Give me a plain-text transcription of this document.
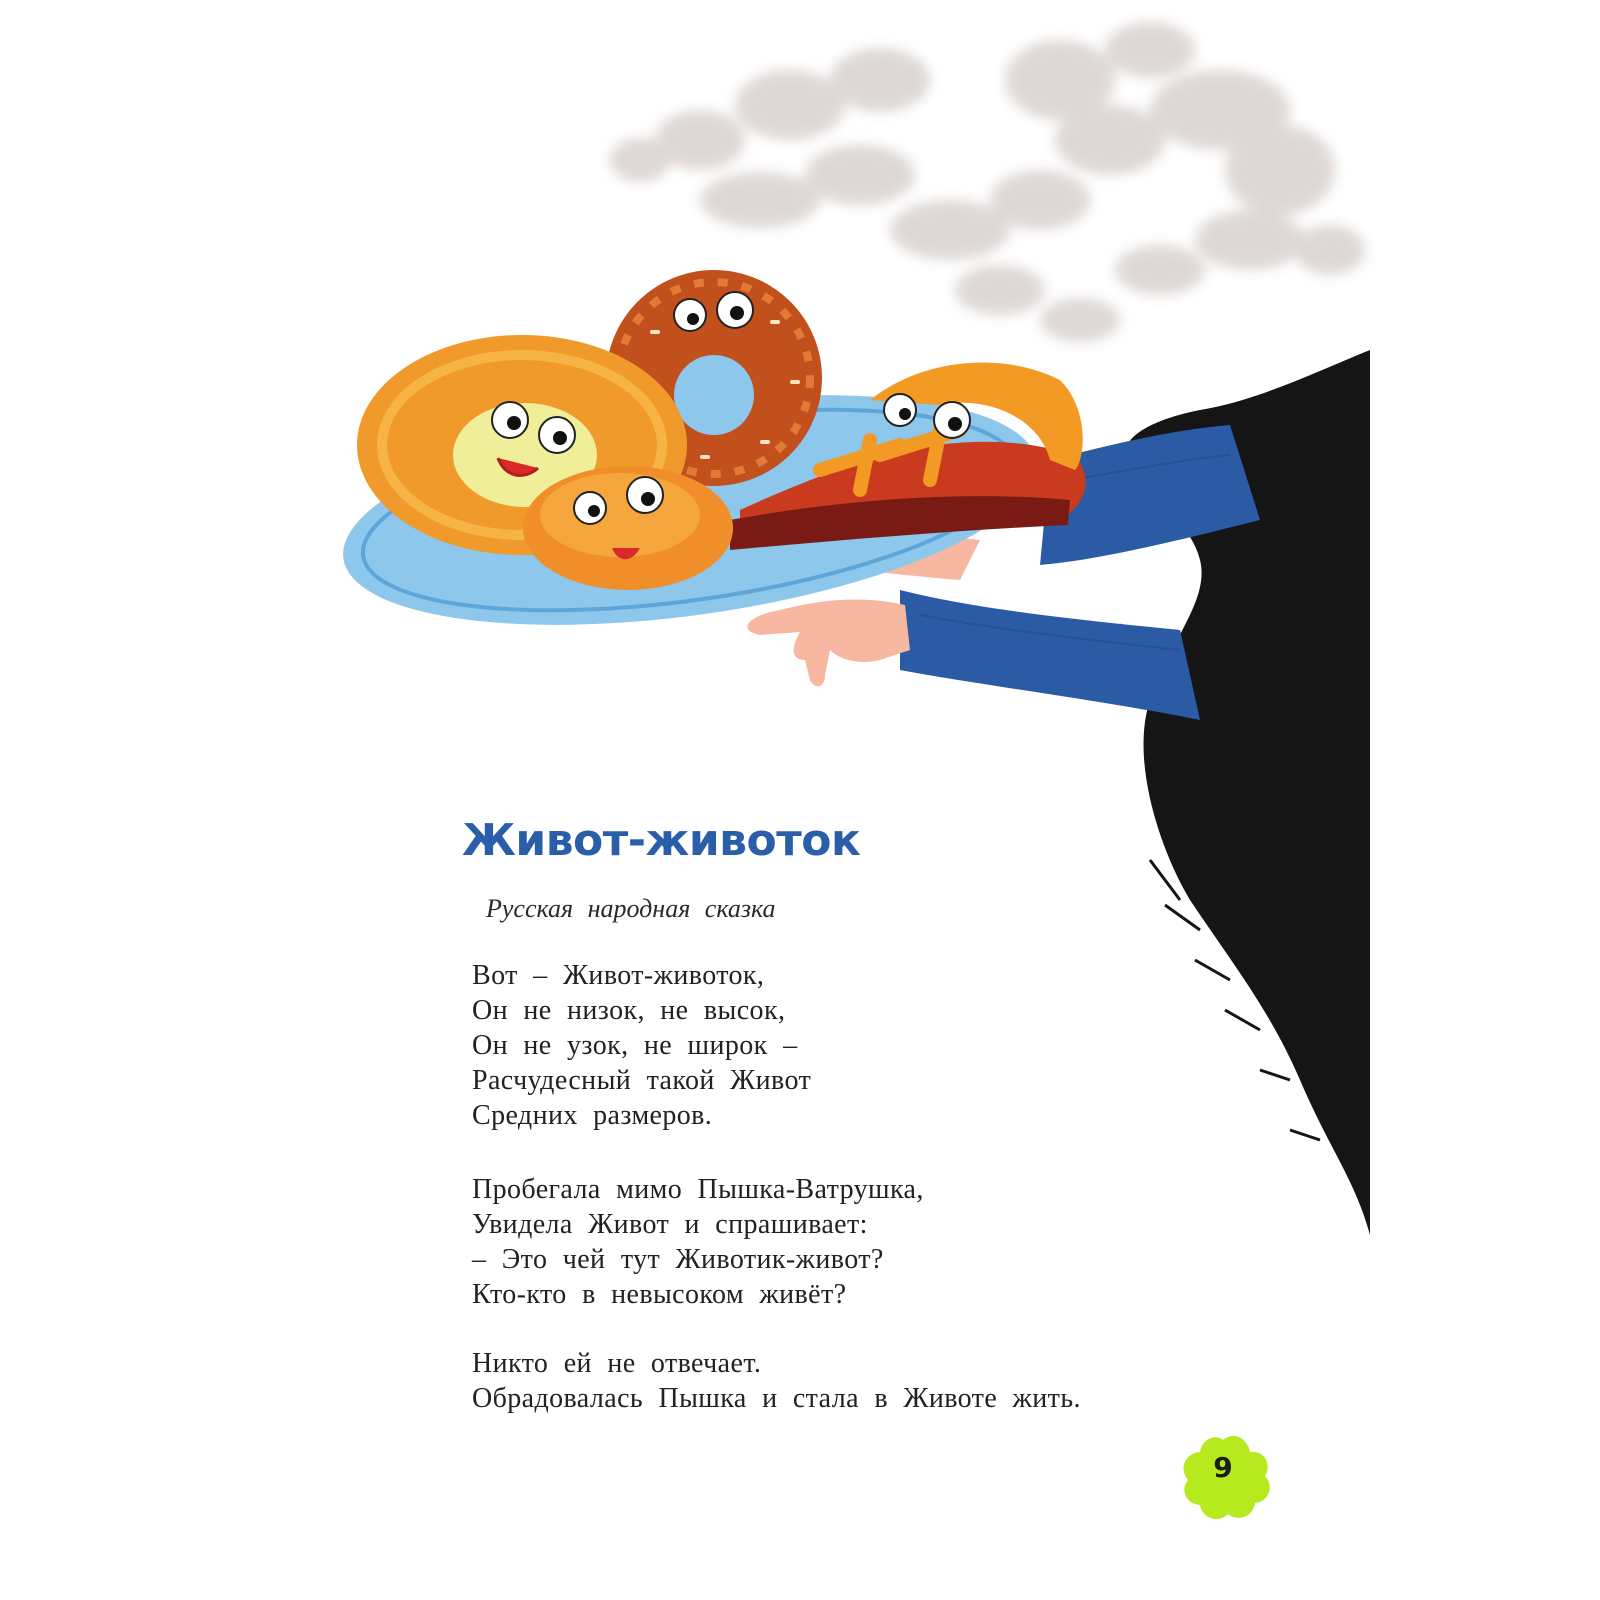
Живот-животок

Русская народная сказка

Вот – Живот-животок,
Он не низок, не высок,
Он не узок, не широк –
Расчудесный такой Живот
Средних размеров.
Пробегала мимо Пышка-Ватрушка,
Увидела Живот и спрашивает:
– Это чей тут Животик-живот?
Кто-кто в невысоком живёт?
Никто ей не отвечает.
Обрадовалась Пышка и стала в Животе жить.
9
